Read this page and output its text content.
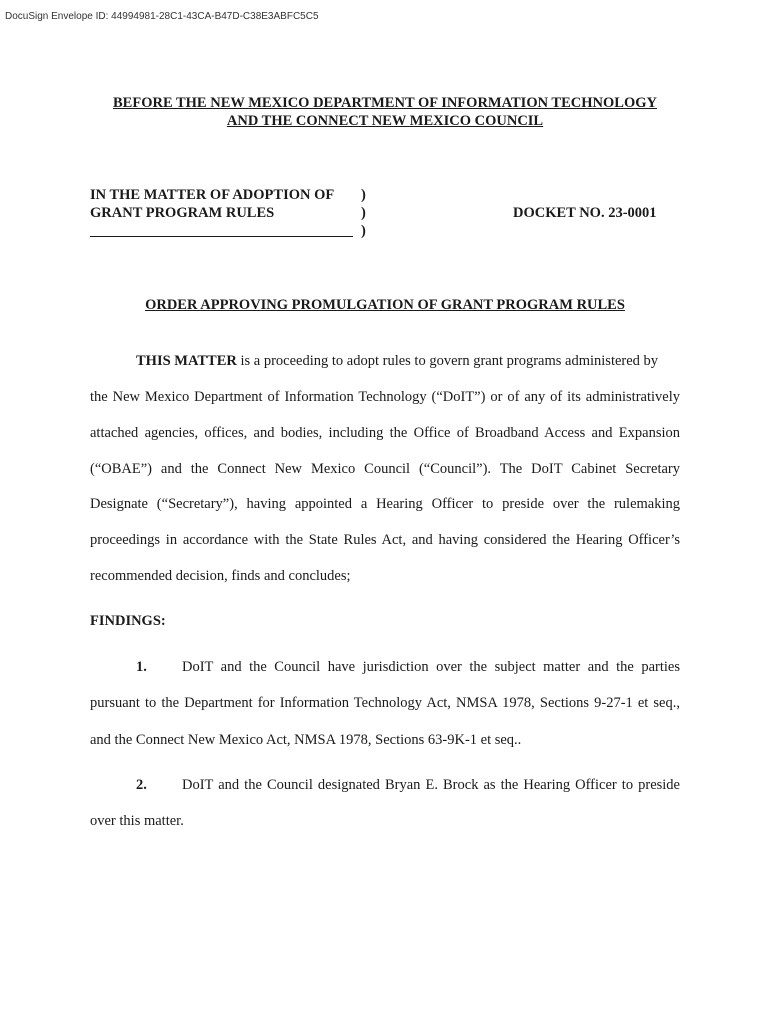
DocuSign Envelope ID: 44994981-28C1-43CA-B47D-C38E3ABFC5C5
BEFORE THE NEW MEXICO DEPARTMENT OF INFORMATION TECHNOLOGY
AND THE CONNECT NEW MEXICO COUNCIL
IN THE MATTER OF ADOPTION OF
GRANT PROGRAM RULES
)
)
)
DOCKET NO. 23-0001
ORDER APPROVING PROMULGATION OF GRANT PROGRAM RULES
THIS MATTER is a proceeding to adopt rules to govern grant programs administered by
the New Mexico Department of Information Technology (“DoIT”) or of any of its administratively
attached agencies, offices, and bodies, including the Office of Broadband Access and Expansion
(“OBAE”) and the Connect New Mexico Council (“Council”). The DoIT Cabinet Secretary
Designate (“Secretary”), having appointed a Hearing Officer to preside over the rulemaking
proceedings in accordance with the State Rules Act, and having considered the Hearing Officer’s
recommended decision, finds and concludes;
FINDINGS:
1.	DoIT and the Council have jurisdiction over the subject matter and the parties
pursuant to the Department for Information Technology Act, NMSA 1978, Sections 9-27-1 et seq.,
and the Connect New Mexico Act, NMSA 1978, Sections 63-9K-1 et seq..
2.	DoIT and the Council designated Bryan E. Brock as the Hearing Officer to preside
over this matter.
